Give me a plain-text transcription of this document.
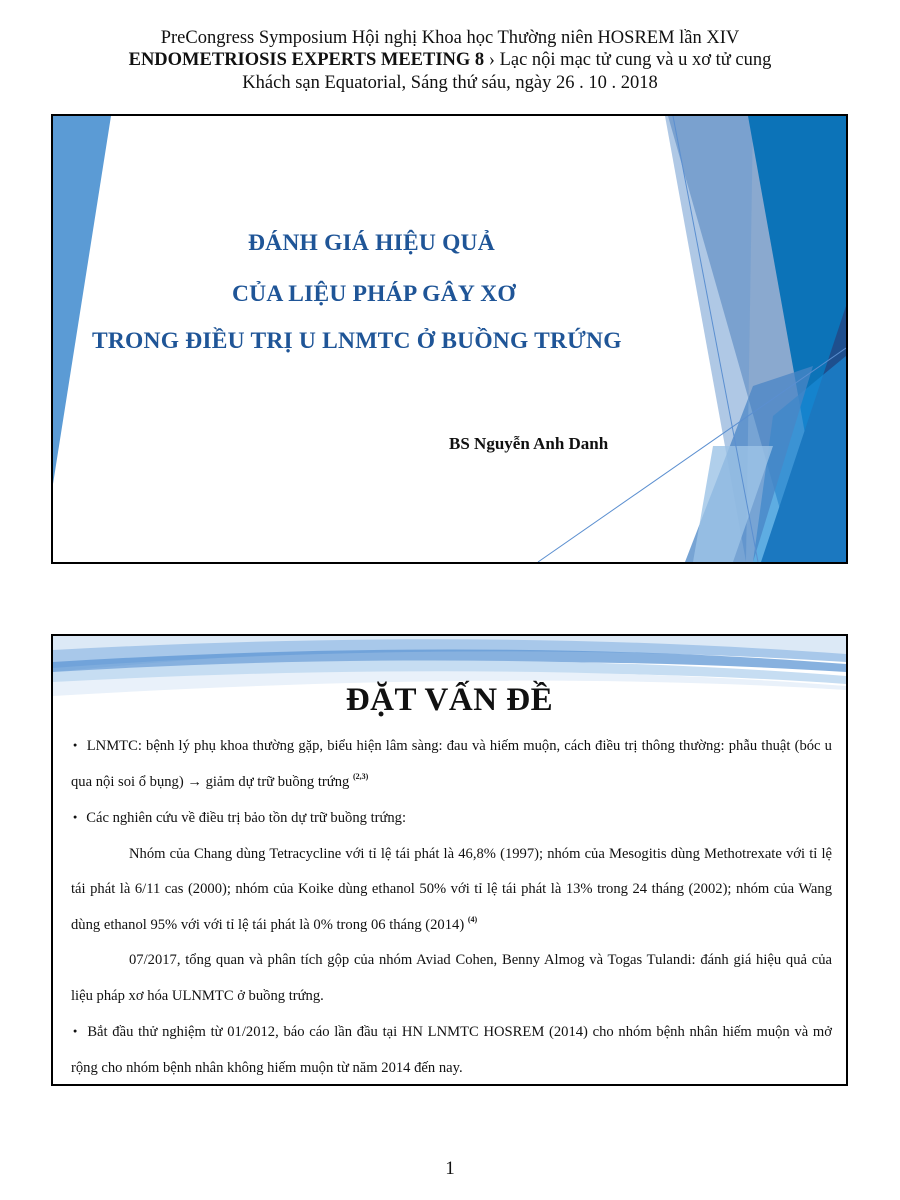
PreCongress Symposium Hội nghị Khoa học Thường niên HOSREM lần XIV
ENDOMETRIOSIS EXPERTS MEETING 8 › Lạc nội mạc tử cung và u xơ tử cung
Khách sạn Equatorial, Sáng thứ sáu, ngày 26 . 10 . 2018
ĐÁNH GIÁ HIỆU QUẢ
CỦA LIỆU PHÁP GÂY XƠ
TRONG ĐIỀU TRỊ U LNMTC Ở BUỒNG TRỨNG
BS Nguyễn Anh Danh
ĐẶT VẤN ĐỀ

● LNMTC: bệnh lý phụ khoa thường gặp, biểu hiện lâm sàng: đau và hiếm muộn, cách điều trị thông thường: phẫu thuật (bóc u qua nội soi ổ bụng) → giảm dự trữ buồng trứng $^{(2,3)}$

● Các nghiên cứu về điều trị bảo tồn dự trữ buồng trứng:

Nhóm của Chang dùng Tetracycline với tỉ lệ tái phát là 46,8% (1997); nhóm của Mesogitis dùng Methotrexate với tỉ lệ tái phát là 6/11 cas (2000); nhóm của Koike dùng ethanol 50% với tỉ lệ tái phát là 13% trong 24 tháng (2002); nhóm của Wang dùng ethanol 95% với với tỉ lệ tái phát là 0% trong 06 tháng (2014) $^{(4)}$

07/2017, tổng quan và phân tích gộp của nhóm Aviad Cohen, Benny Almog và Togas Tulandi: đánh giá hiệu quả của liệu pháp xơ hóa ULNMTC ở buồng trứng.

● Bắt đầu thử nghiệm từ 01/2012, báo cáo lần đầu tại HN LNMTC HOSREM (2014) cho nhóm bệnh nhân hiếm muộn và mở rộng cho nhóm bệnh nhân không hiếm muộn từ năm 2014 đến nay.

1
